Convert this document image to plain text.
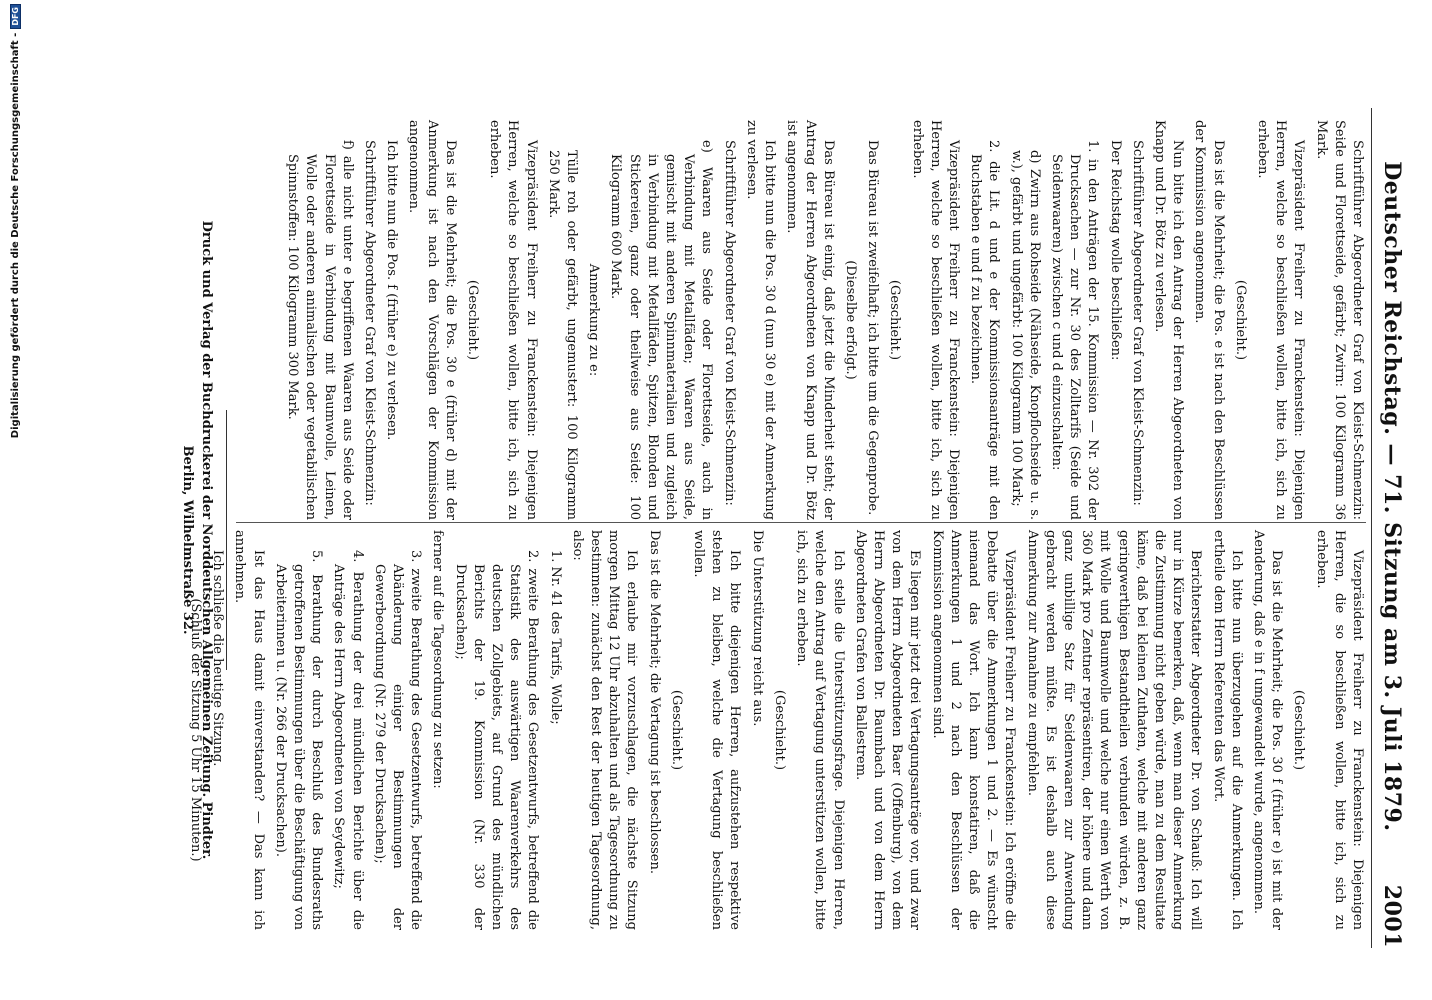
Deutscher Reichstag. — 71. Sitzung am 3. Juli 1879.
2001

Schriftführer Abgeordneter Graf von Kleist-Schmenzin: Seide und Florettseide, gefärbt; Zwirn: 100 Kilogramm 36 Mark.

Vizepräsident Freiherr zu Franckenstein: Diejenigen Herren, welche so beschließen wollen, bitte ich, sich zu erheben.

(Geschieht.)

Das ist die Mehrheit; die Pos. e ist nach den Beschlüssen der Kommission angenommen.

Nun bitte ich den Antrag der Herren Abgeordneten von Knapp und Dr. Bötz zu verlesen.

Schriftführer Abgeordneter Graf von Kleist-Schmenzin:

Der Reichstag wolle beschließen:

1. in den Anträgen der 15. Kommission — Nr. 302 der Drucksachen — zur Nr. 30 des Zolltarifs (Seide und Seidenwaaren) zwischen c und d einzuschalten:

d) Zwirn aus Rohseide (Nähseide, Knopflochseide u. s. w.), gefärbt und ungefärbt: 100 Kilogramm 100 Mark;

2. die Lit. d und e der Kommissionsanträge mit den Buchstaben e und f zu bezeichnen.

Vizepräsident Freiherr zu Franckenstein: Diejenigen Herren, welche so beschließen wollen, bitte ich, sich zu erheben.

(Geschieht.)

Das Büreau ist zweifelhaft; ich bitte um die Gegenprobe.

(Dieselbe erfolgt.)

Das Büreau ist einig, daß jetzt die Minderheit steht; der Antrag der Herren Abgeordneten von Knapp und Dr. Bötz ist angenommen.

Ich bitte nun die Pos. 30 d (nun 30 e) mit der Anmerkung zu verlesen.

Schriftführer Abgeordneter Graf von Kleist-Schmenzin:

e) Waaren aus Seide oder Florettseide, auch in Verbindung mit Metallfäden; Waaren aus Seide, gemischt mit anderen Spinnmaterialien und zugleich in Verbindung mit Metallfäden, Spitzen, Blonden und Stickereien, ganz oder theilweise aus Seide: 100 Kilogramm 600 Mark.

Anmerkung zu e:

Tülle roh oder gefärbt, ungemustert: 100 Kilogramm 250 Mark.

Vizepräsident Freiherr zu Franckenstein: Diejenigen Herren, welche so beschließen wollen, bitte ich, sich zu erheben.

(Geschieht.)

Das ist die Mehrheit; die Pos. 30 e (früher d) mit der Anmerkung ist nach den Vorschlägen der Kommission angenommen.

Ich bitte nun die Pos. f (früher e) zu verlesen.

Schriftführer Abgeordneter Graf von Kleist-Schmenzin:

f) alle nicht unter e begriffenen Waaren aus Seide oder Florettseide in Verbindung mit Baumwolle, Leinen, Wolle oder anderen animalischen oder vegetabilischen Spinnstoffen: 100 Kilogramm 300 Mark.

Vizepräsident Freiherr zu Franckenstein: Diejenigen Herren, die so beschließen wollen, bitte ich, sich zu erheben.

(Geschieht.)

Das ist die Mehrheit; die Pos. 30 f (früher e) ist mit der Aenderung, daß e in f umgewandelt wurde, angenommen.

Ich bitte nun überzugehen auf die Anmerkungen. Ich ertheile dem Herrn Referenten das Wort.

Berichterstatter Abgeordneter Dr. von Schauß: Ich will nur in Kürze bemerken, daß, wenn man dieser Anmerkung die Zustimmung nicht geben würde, man zu dem Resultate käme, daß bei kleinen Zuthaten, welche mit anderen ganz geringwerthigen Bestandtheilen verbunden würden, z. B. mit Wolle und Baumwolle und welche nur einen Werth von 360 Mark pro Zentner repräsentiren, der höhere und dann ganz unbillige Satz für Seidenwaaren zur Anwendung gebracht werden müßte. Es ist deshalb auch diese Anmerkung zur Annahme zu empfehlen.

Vizepräsident Freiherr zu Franckenstein: Ich eröffne die Debatte über die Anmerkungen 1 und 2. — Es wünscht niemand das Wort. Ich kann konstatiren, daß die Anmerkungen 1 und 2 nach den Beschlüssen der Kommission angenommen sind.

Es liegen mir jetzt drei Vertagungsanträge vor, und zwar von dem Herrn Abgeordneten Baer (Offenburg), von dem Herrn Abgeordneten Dr. Baumbach und von dem Herrn Abgeordneten Grafen von Ballestrem.

Ich stelle die Unterstützungsfrage. Diejenigen Herren, welche den Antrag auf Vertagung unterstützen wollen, bitte ich, sich zu erheben.

(Geschieht.)

Die Unterstützung reicht aus.

Ich bitte diejenigen Herren, aufzustehen respektive stehen zu bleiben, welche die Vertagung beschließen wollen.

(Geschieht.)

Das ist die Mehrheit; die Vertagung ist beschlossen.

Ich erlaube mir vorzuschlagen, die nächste Sitzung morgen Mittag 12 Uhr abzuhalten und als Tagesordnung zu bestimmen: zunächst den Rest der heutigen Tagesordnung, also:

1. Nr. 41 des Tarifs, Wolle;

2. zweite Berathung des Gesetzentwurfs, betreffend die Statistik des auswärtigen Waarenverkehrs des deutschen Zollgebiets, auf Grund des mündlichen Berichts der 19. Kommission (Nr. 330 der Drucksachen);

ferner auf die Tagesordnung zu setzen:

3. zweite Berathung des Gesetzentwurfs, betreffend die Abänderung einiger Bestimmungen der Gewerbeordnung (Nr. 279 der Drucksachen);

4. Berathung der drei mündlichen Berichte über die Anträge des Herrn Abgeordneten von Seydewitz;

5. Berathung der durch Beschluß des Bundesraths getroffenen Bestimmungen über die Beschäftigung von Arbeiterinnen u. (Nr. 266 der Drucksachen).

Ist das Haus damit einverstanden? — Das kann ich annehmen.

Ich schließe die heutige Sitzung.

(Schluß der Sitzung 5 Uhr 15 Minuten.)

Druck und Verlag der Buchdruckerei der Norddeutschen Allgemeinen Zeitung. Pindter.
Berlin, Wilhelmstraße 32.
Digitalisierung gefördert durch die Deutsche Forschungsgemeinschaft -
DFG
